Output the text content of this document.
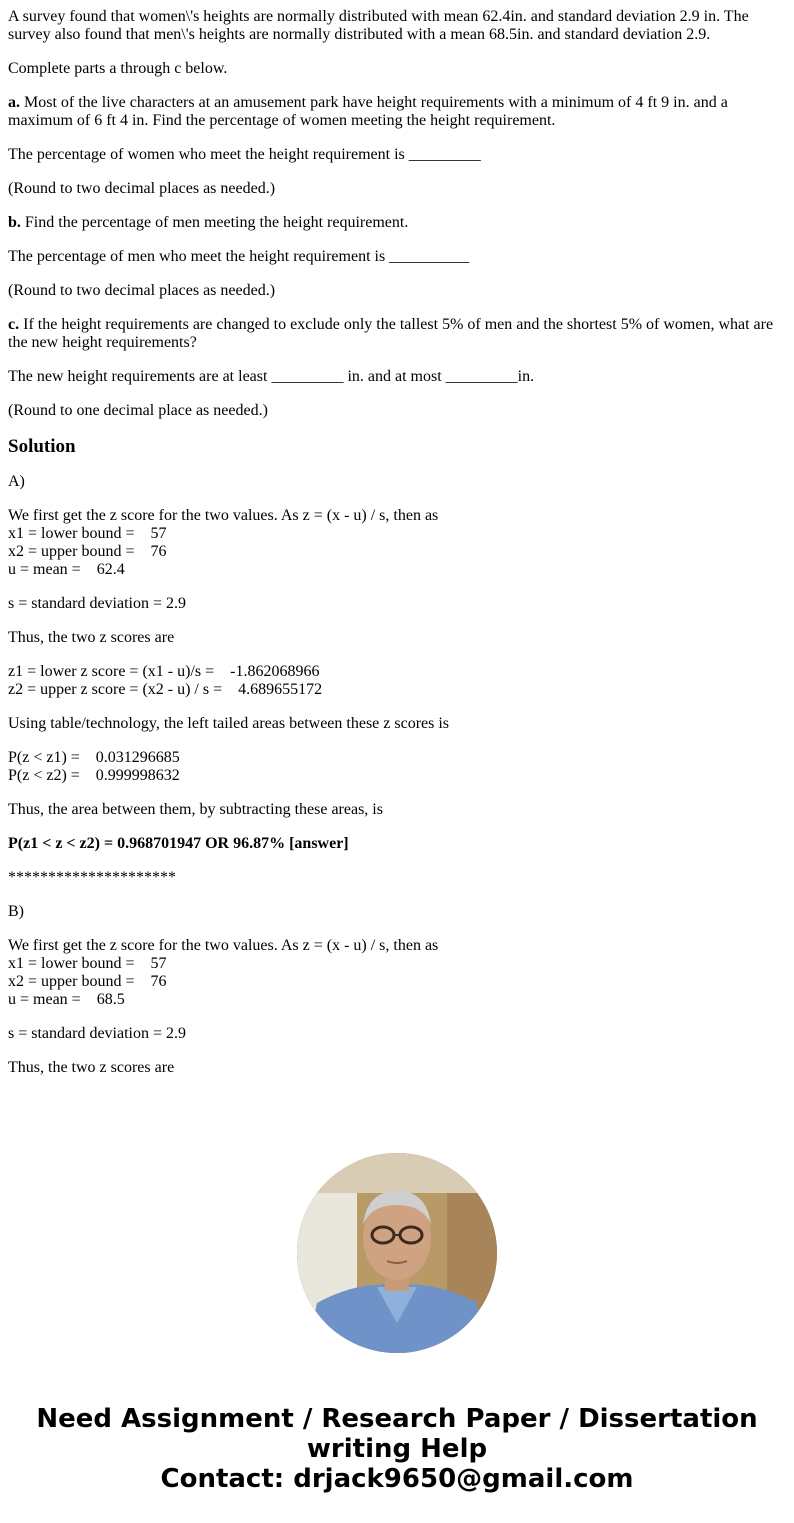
A survey found that women\'s heights are normally distributed with mean 62.4in. and standard deviation 2.9 in. The survey also found that men\'s heights are normally distributed with a mean 68.5in. and standard deviation 2.9.

Complete parts a through c below.

a. Most of the live characters at an amusement park have height requirements with a minimum of 4 ft 9 in. and a maximum of 6 ft 4 in. Find the percentage of women meeting the height requirement.

The percentage of women who meet the height requirement is _________

(Round to two decimal places as needed.)

b. Find the percentage of men meeting the height requirement.

The percentage of men who meet the height requirement is __________

(Round to two decimal places as needed.)

c. If the height requirements are changed to exclude only the tallest 5% of men and the shortest 5% of women, what are the new height requirements?

The new height requirements are at least _________ in. and at most _________in.

(Round to one decimal place as needed.)

Solution

A)

We first get the z score for the two values. As z = (x - u) / s, then as
x1 = lower bound =    57
x2 = upper bound =    76
u = mean =    62.4

s = standard deviation = 2.9

Thus, the two z scores are

z1 = lower z score = (x1 - u)/s =    -1.862068966
z2 = upper z score = (x2 - u) / s =    4.689655172

Using table/technology, the left tailed areas between these z scores is

P(z < z1) =    0.031296685
P(z < z2) =    0.999998632

Thus, the area between them, by subtracting these areas, is

P(z1 < z < z2) = 0.968701947 OR 96.87% [answer]

*********************

B)

We first get the z score for the two values. As z = (x - u) / s, then as
x1 = lower bound =    57
x2 = upper bound =    76
u = mean =    68.5

s = standard deviation = 2.9

Thus, the two z scores are

Need Assignment / Research Paper / Dissertation
writing Help
Contact: drjack9650@gmail.com
